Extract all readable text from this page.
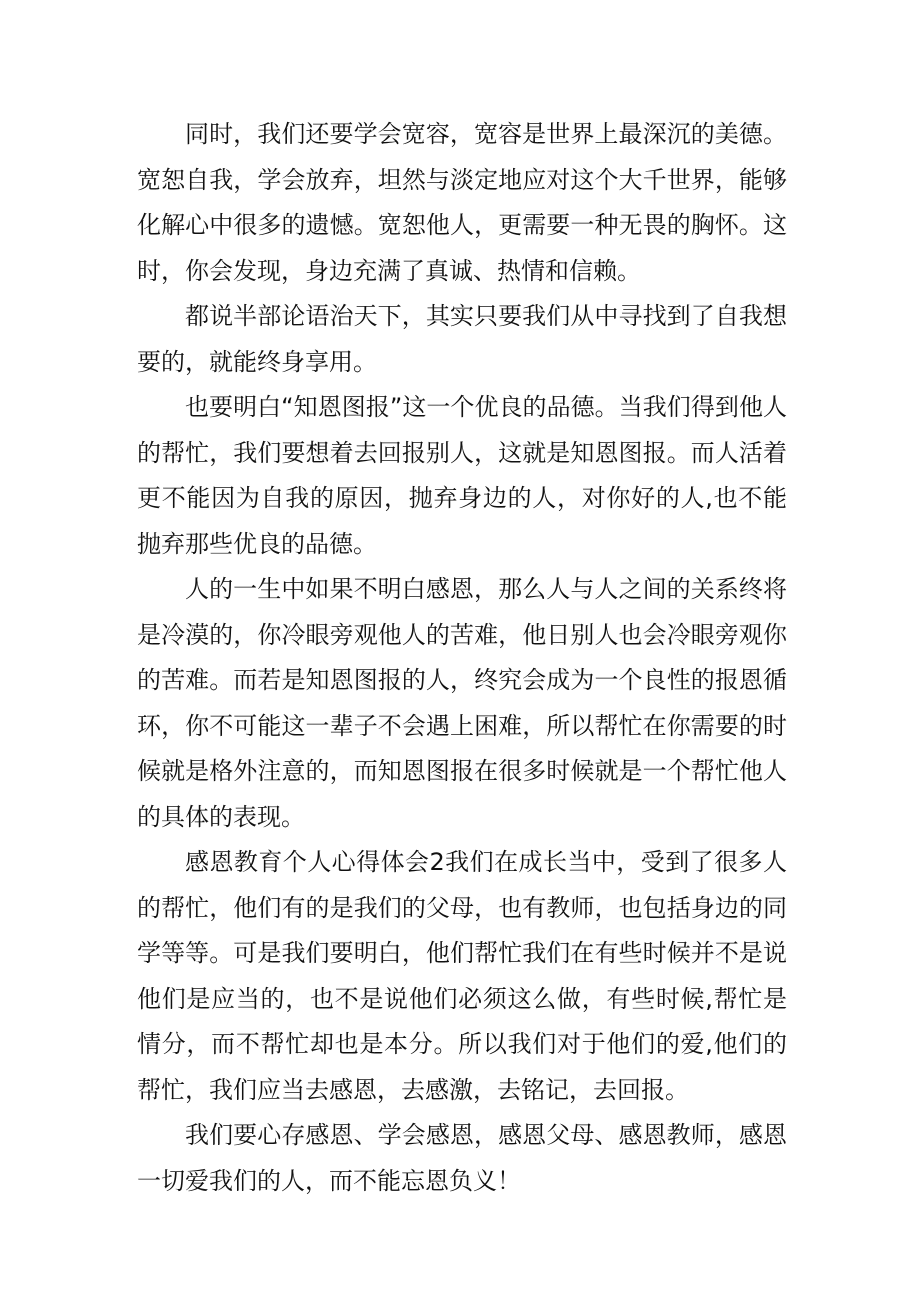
同时，我们还要学会宽容，宽容是世界上最深沉的美德。宽恕自我，学会放弃，坦然与淡定地应对这个大千世界，能够化解心中很多的遗憾。宽恕他人，更需要一种无畏的胸怀。这时，你会发现，身边充满了真诚、热情和信赖。

都说半部论语治天下，其实只要我们从中寻找到了自我想要的，就能终身享用。

也要明白“知恩图报”这一个优良的品德。当我们得到他人的帮忙，我们要想着去回报别人，这就是知恩图报。而人活着更不能因为自我的原因，抛弃身边的人，对你好的人,也不能抛弃那些优良的品德。

人的一生中如果不明白感恩，那么人与人之间的关系终将是冷漠的，你冷眼旁观他人的苦难，他日别人也会冷眼旁观你的苦难。而若是知恩图报的人，终究会成为一个良性的报恩循环，你不可能这一辈子不会遇上困难，所以帮忙在你需要的时候就是格外注意的，而知恩图报在很多时候就是一个帮忙他人的具体的表现。

感恩教育个人心得体会2我们在成长当中，受到了很多人的帮忙，他们有的是我们的父母，也有教师，也包括身边的同学等等。可是我们要明白，他们帮忙我们在有些时候并不是说他们是应当的，也不是说他们必须这么做，有些时候,帮忙是情分，而不帮忙却也是本分。所以我们对于他们的爱,他们的帮忙，我们应当去感恩，去感激，去铭记，去回报。

我们要心存感恩、学会感恩，感恩父母、感恩教师，感恩一切爱我们的人，而不能忘恩负义！
